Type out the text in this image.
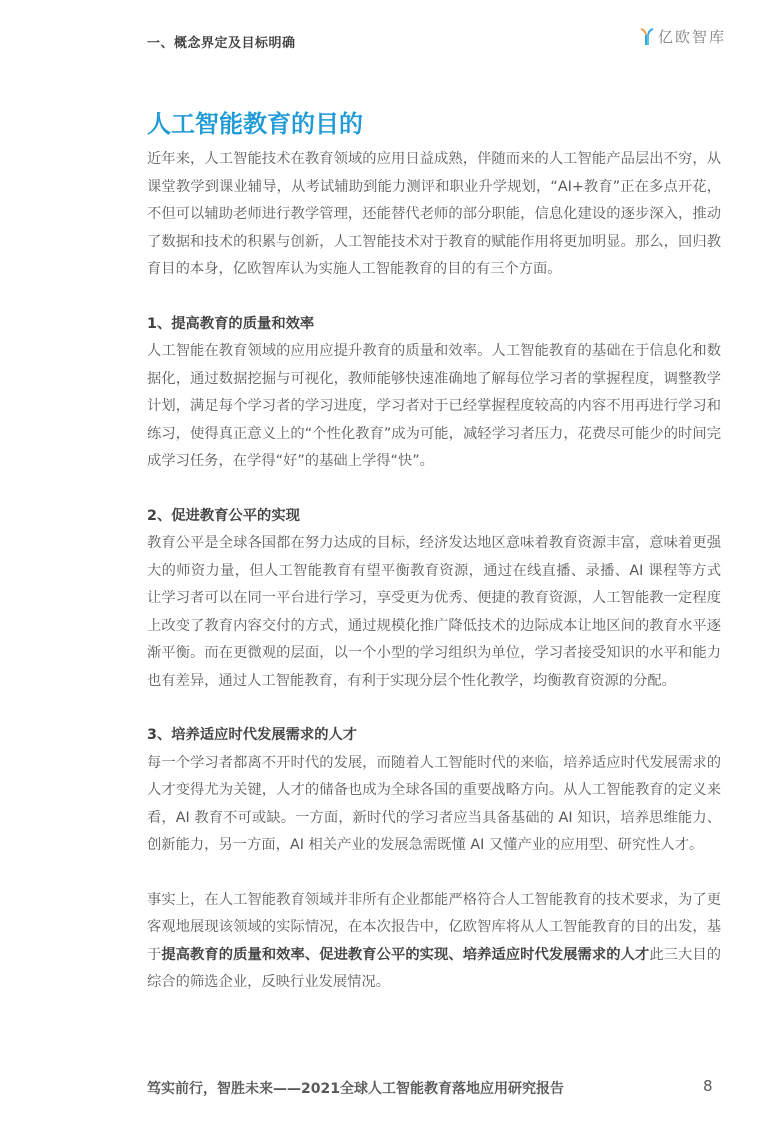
一、概念界定及目标明确	亿欧智库
人工智能教育的目的

近年来，人工智能技术在教育领域的应用日益成熟，伴随而来的人工智能产品层出不穷，从课堂教学到课业辅导，从考试辅助到能力测评和职业升学规划，“AI+教育”正在多点开花，不但可以辅助老师进行教学管理，还能替代老师的部分职能，信息化建设的逐步深入，推动了数据和技术的积累与创新，人工智能技术对于教育的赋能作用将更加明显。那么，回归教育目的本身，亿欧智库认为实施人工智能教育的目的有三个方面。

1、提高教育的质量和效率

人工智能在教育领域的应用应提升教育的质量和效率。人工智能教育的基础在于信息化和数据化，通过数据挖掘与可视化，教师能够快速准确地了解每位学习者的掌握程度，调整教学计划，满足每个学习者的学习进度，学习者对于已经掌握程度较高的内容不用再进行学习和练习，使得真正意义上的“个性化教育”成为可能，减轻学习者压力，花费尽可能少的时间完成学习任务，在学得“好”的基础上学得“快”。

2、促进教育公平的实现

教育公平是全球各国都在努力达成的目标，经济发达地区意味着教育资源丰富，意味着更强大的师资力量，但人工智能教育有望平衡教育资源，通过在线直播、录播、AI 课程等方式让学习者可以在同一平台进行学习，享受更为优秀、便捷的教育资源，人工智能教一定程度上改变了教育内容交付的方式，通过规模化推广降低技术的边际成本让地区间的教育水平逐渐平衡。而在更微观的层面，以一个小型的学习组织为单位，学习者接受知识的水平和能力也有差异，通过人工智能教育，有利于实现分层个性化教学，均衡教育资源的分配。

3、培养适应时代发展需求的人才

每一个学习者都离不开时代的发展，而随着人工智能时代的来临，培养适应时代发展需求的人才变得尤为关键，人才的储备也成为全球各国的重要战略方向。从人工智能教育的定义来看，AI 教育不可或缺。一方面，新时代的学习者应当具备基础的 AI 知识，培养思维能力、创新能力，另一方面，AI 相关产业的发展急需既懂 AI 又懂产业的应用型、研究性人才。

事实上，在人工智能教育领域并非所有企业都能严格符合人工智能教育的技术要求，为了更客观地展现该领域的实际情况，在本次报告中，亿欧智库将从人工智能教育的目的出发，基于提高教育的质量和效率、促进教育公平的实现、培养适应时代发展需求的人才此三大目的综合的筛选企业，反映行业发展情况。

笃实前行，智胜未来——2021全球人工智能教育落地应用研究报告	8
